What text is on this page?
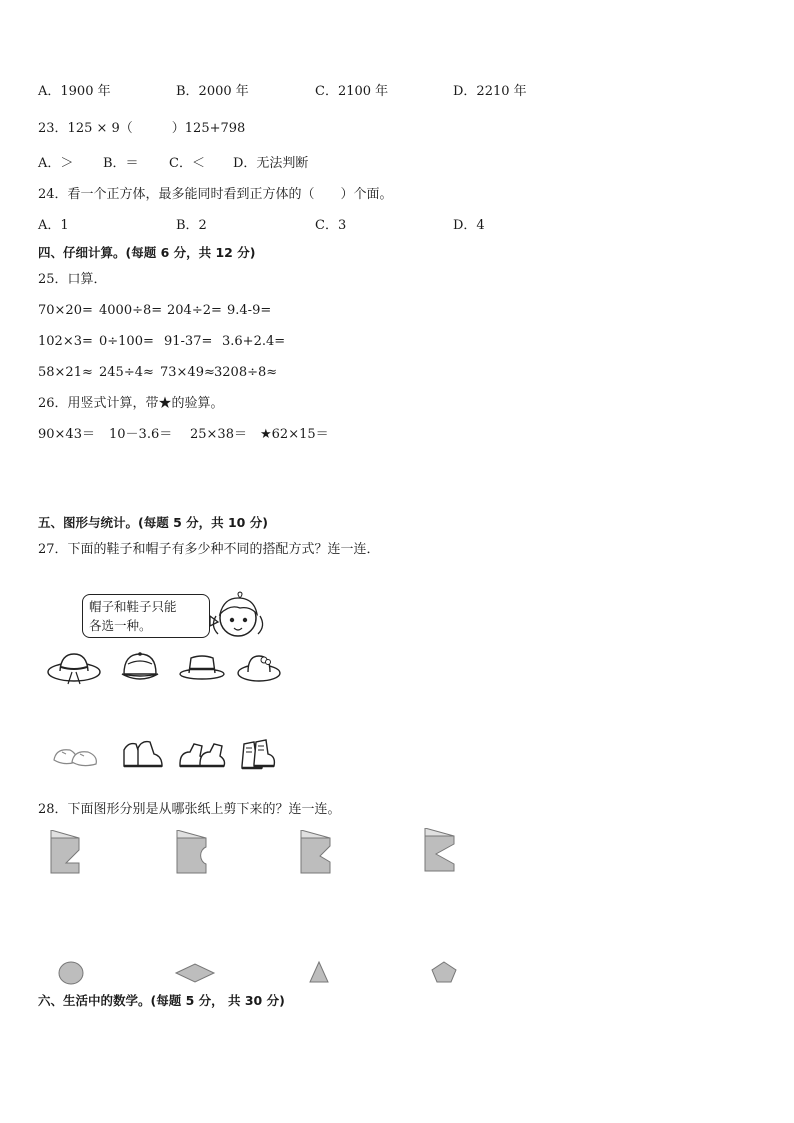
A．1900 年	B．2000 年	C．2100 年	D．2210 年
23．125 × 9（　　　）125+798
A．＞ B．＝ C．＜ D．无法判断
24．看一个正方体，最多能同时看到正方体的（　　）个面。
A．1	B．2	C．3	D．4
四、仔细计算。(每题 6 分，共 12 分)
25．口算．
70×20= 4000÷8= 204÷2= 9.4-9=
102×3= 0÷100= 91-37= 3.6+2.4=
58×21≈ 245÷4≈ 73×49≈ 3208÷8≈
26．用竖式计算，带★的验算。
90×43＝ 10－3.6＝ 25×38＝ ★62×15＝
五、图形与统计。(每题 5 分，共 10 分)
27．下面的鞋子和帽子有多少种不同的搭配方式？连一连．
帽子和鞋子只能
各选一种。
28．下面图形分别是从哪张纸上剪下来的？连一连。
六、生活中的数学。(每题 5 分， 共 30 分)
